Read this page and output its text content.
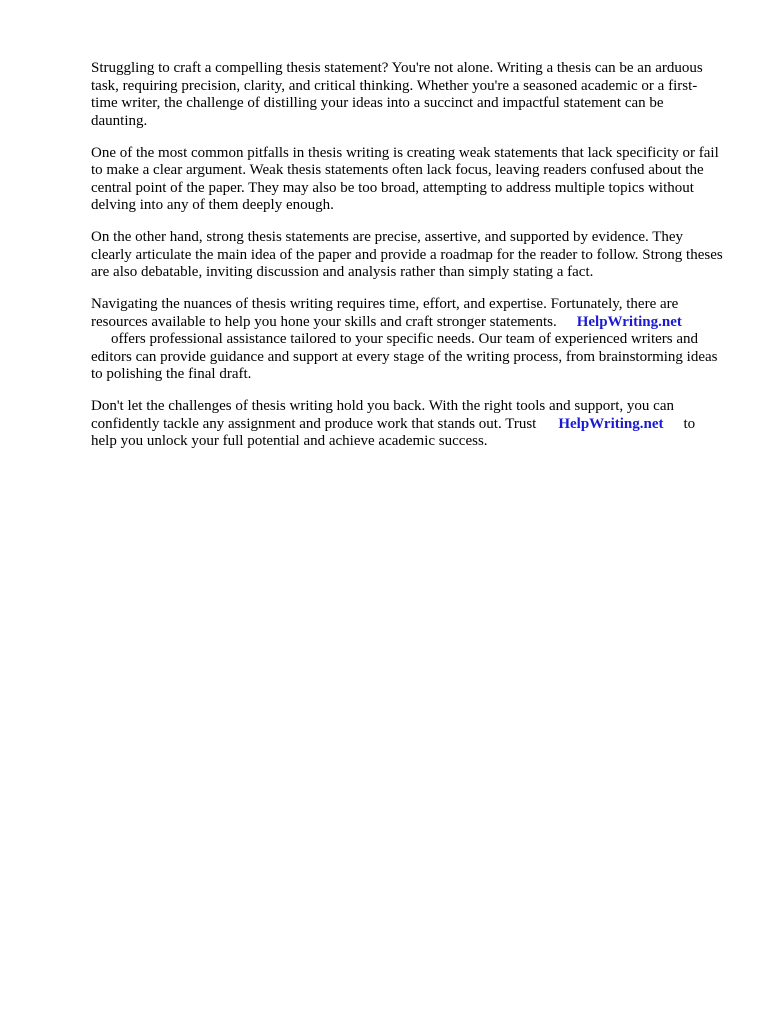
Struggling to craft a compelling thesis statement? You're not alone. Writing a thesis can be an arduous task, requiring precision, clarity, and critical thinking. Whether you're a seasoned academic or a first-time writer, the challenge of distilling your ideas into a succinct and impactful statement can be daunting.

One of the most common pitfalls in thesis writing is creating weak statements that lack specificity or fail to make a clear argument. Weak thesis statements often lack focus, leaving readers confused about the central point of the paper. They may also be too broad, attempting to address multiple topics without delving into any of them deeply enough.

On the other hand, strong thesis statements are precise, assertive, and supported by evidence. They clearly articulate the main idea of the paper and provide a roadmap for the reader to follow. Strong theses are also debatable, inviting discussion and analysis rather than simply stating a fact.

Navigating the nuances of thesis writing requires time, effort, and expertise. Fortunately, there are resources available to help you hone your skills and craft stronger statements. HelpWriting.net
offers professional assistance tailored to your specific needs. Our team of experienced writers and editors can provide guidance and support at every stage of the writing process, from brainstorming ideas to polishing the final draft.

Don't let the challenges of thesis writing hold you back. With the right tools and support, you can confidently tackle any assignment and produce work that stands out. Trust HelpWriting.net to help you unlock your full potential and achieve academic success.
